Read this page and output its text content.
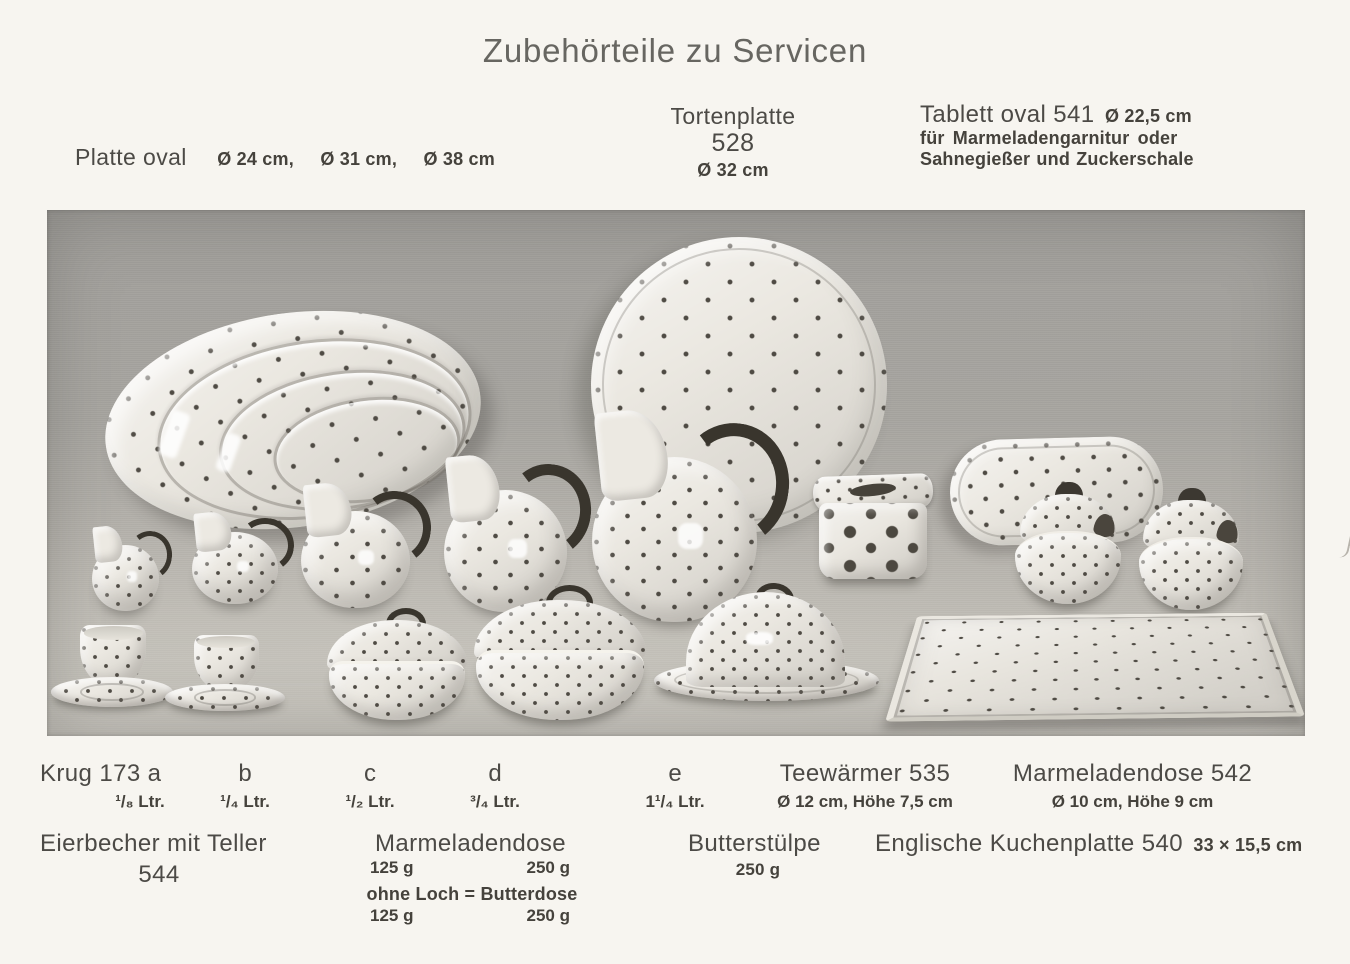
Zubehörteile zu Servicen
Platte oval Ø 24 cm, Ø 31 cm, Ø 38 cm
Tortenplatte
528
Ø 32 cm
Tablett oval 541 Ø 22,5 cm
für Marmeladengarnitur oder
Sahnegießer und Zuckerschale
Krug 173 a
¹/₈ Ltr.
b
¹/₄ Ltr.
c
¹/₂ Ltr.
d
³/₄ Ltr.
e
1¹/₄ Ltr.
Teewärmer 535
Ø 12 cm, Höhe 7,5 cm
Marmeladendose 542
Ø 10 cm, Höhe 9 cm
Eierbecher mit Teller
544
Marmeladendose
125 g	250 g
ohne Loch = Butterdose
125 g	250 g
Butterstülpe
250 g
Englische Kuchenplatte 540 33 × 15,5 cm
